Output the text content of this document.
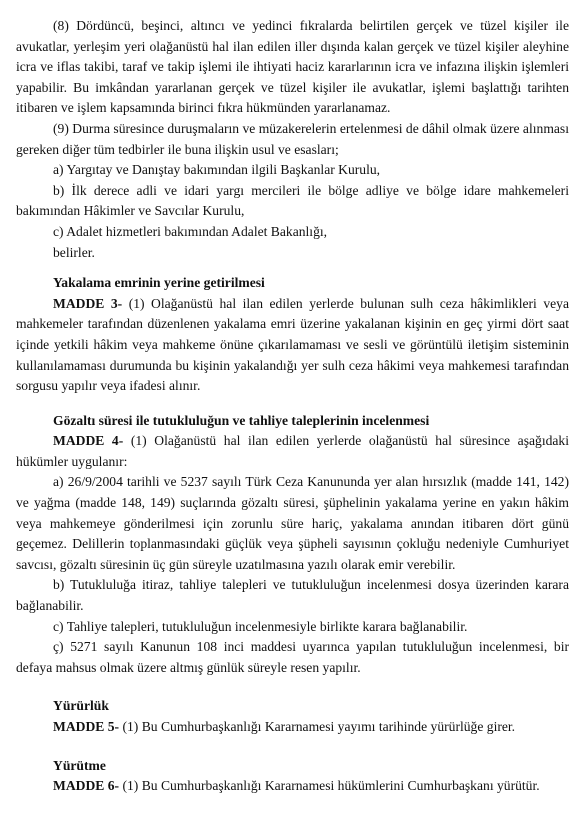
(8) Dördüncü, beşinci, altıncı ve yedinci fıkralarda belirtilen gerçek ve tüzel kişiler ile avukatlar, yerleşim yeri olağanüstü hal ilan edilen iller dışında kalan gerçek ve tüzel kişiler aleyhine icra ve iflas takibi, taraf ve takip işlemi ile ihtiyati haciz kararlarının icra ve infazına ilişkin işlemleri yapabilir. Bu imkândan yararlanan gerçek ve tüzel kişiler ile avukatlar, işlemi başlattığı tarihten itibaren ve işlem kapsamında birinci fıkra hükmünden yararlanamaz.

(9) Durma süresince duruşmaların ve müzakerelerin ertelenmesi de dâhil olmak üzere alınması gereken diğer tüm tedbirler ile buna ilişkin usul ve esasları;

a) Yargıtay ve Danıştay bakımından ilgili Başkanlar Kurulu,

b) İlk derece adli ve idari yargı mercileri ile bölge adliye ve bölge idare mahkemeleri bakımından Hâkimler ve Savcılar Kurulu,

c) Adalet hizmetleri bakımından Adalet Bakanlığı,

belirler.

Yakalama emrinin yerine getirilmesi

MADDE 3- (1) Olağanüstü hal ilan edilen yerlerde bulunan sulh ceza hâkimlikleri veya mahkemeler tarafından düzenlenen yakalama emri üzerine yakalanan kişinin en geç yirmi dört saat içinde yetkili hâkim veya mahkeme önüne çıkarılamaması ve sesli ve görüntülü iletişim sisteminin kullanılamaması durumunda bu kişinin yakalandığı yer sulh ceza hâkimi veya mahkemesi tarafından sorgusu yapılır veya ifadesi alınır.

Gözaltı süresi ile tutukluluğun ve tahliye taleplerinin incelenmesi

MADDE 4- (1) Olağanüstü hal ilan edilen yerlerde olağanüstü hal süresince aşağıdaki hükümler uygulanır:

a) 26/9/2004 tarihli ve 5237 sayılı Türk Ceza Kanununda yer alan hırsızlık (madde 141, 142) ve yağma (madde 148, 149) suçlarında gözaltı süresi, şüphelinin yakalama yerine en yakın hâkim veya mahkemeye gönderilmesi için zorunlu süre hariç, yakalama anından itibaren dört günü geçemez. Delillerin toplanmasındaki güçlük veya şüpheli sayısının çokluğu nedeniyle Cumhuriyet savcısı, gözaltı süresinin üç gün süreyle uzatılmasına yazılı olarak emir verebilir.

b) Tutukluluğa itiraz, tahliye talepleri ve tutukluluğun incelenmesi dosya üzerinden karara bağlanabilir.

c) Tahliye talepleri, tutukluluğun incelenmesiyle birlikte karara bağlanabilir.

ç) 5271 sayılı Kanunun 108 inci maddesi uyarınca yapılan tutukluluğun incelenmesi, bir defaya mahsus olmak üzere altmış günlük süreyle resen yapılır.

Yürürlük

MADDE 5- (1) Bu Cumhurbaşkanlığı Kararnamesi yayımı tarihinde yürürlüğe girer.

Yürütme

MADDE 6- (1) Bu Cumhurbaşkanlığı Kararnamesi hükümlerini Cumhurbaşkanı yürütür.
